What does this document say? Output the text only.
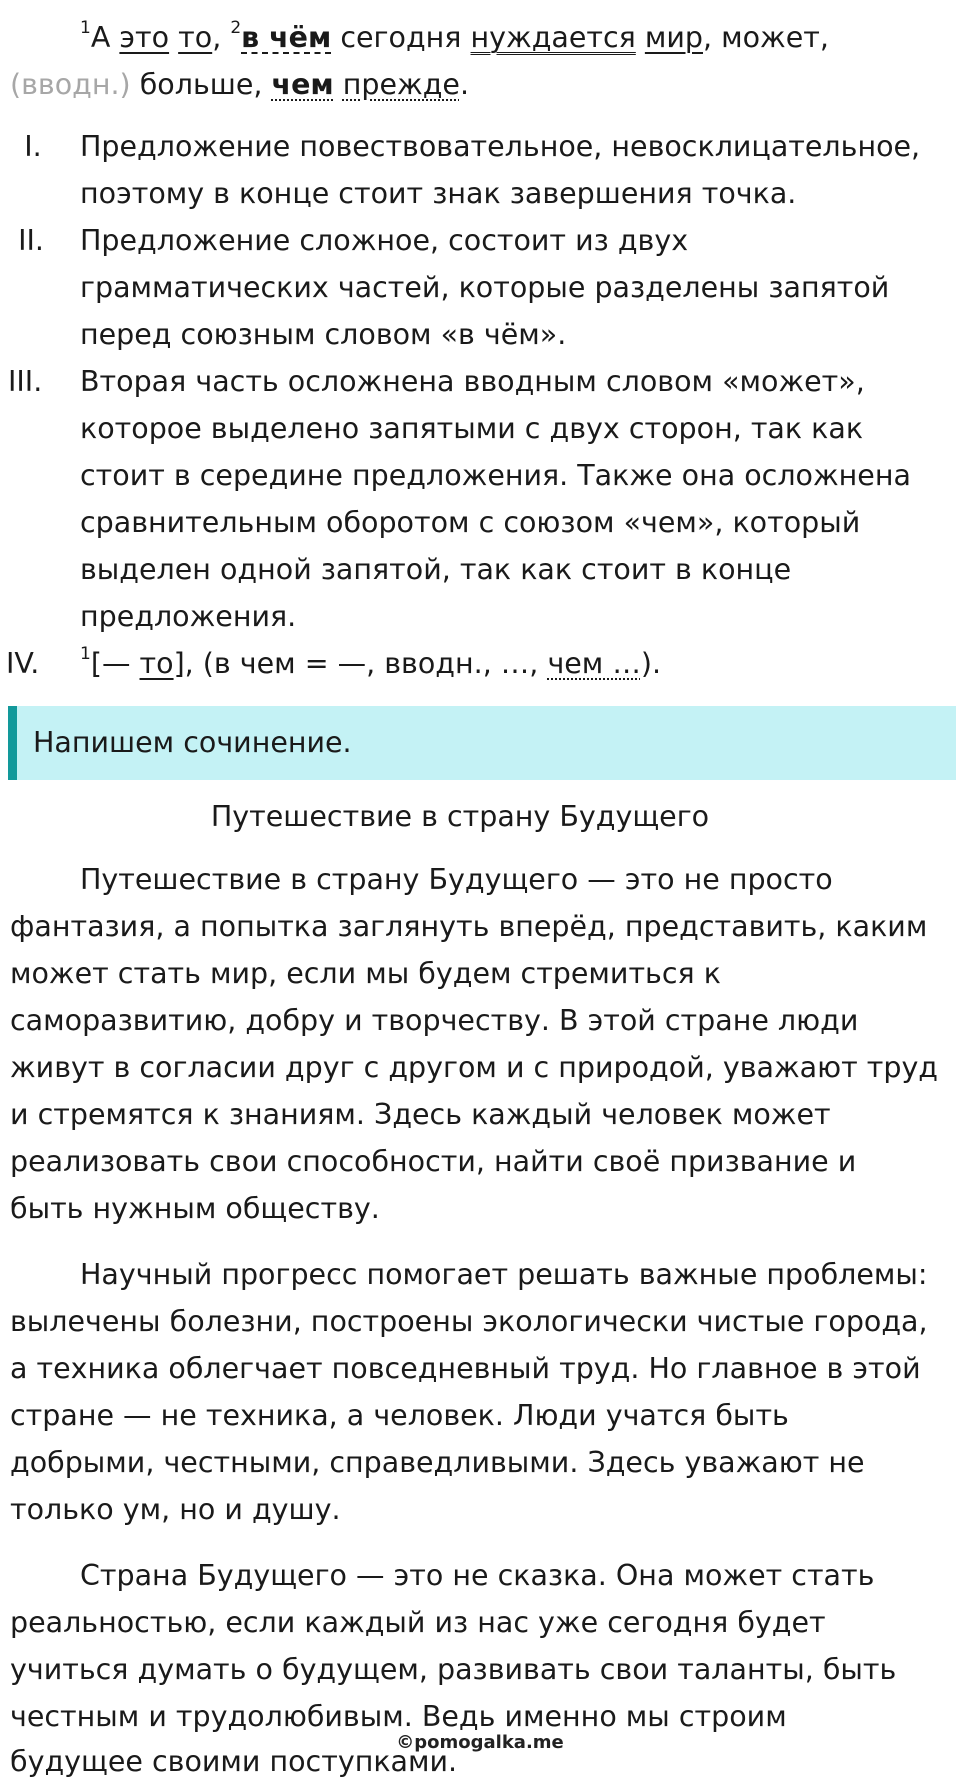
$^1$А это то, $^2$в чём сегодня нуждается мир, может,
(вводн.) больше, чем прежде.
I.	Предложение повествовательное, невосклицательное,
поэтому в конце стоит знак завершения точка.
II.	Предложение сложное, состоит из двух
грамматических частей, которые разделены запятой
перед союзным словом «в чём».
III.	Вторая часть осложнена вводным словом «может»,
которое выделено запятыми с двух сторон, так как
стоит в середине предложения. Также она осложнена
сравнительным оборотом с союзом «чем», который
выделен одной запятой, так как стоит в конце
предложения.
IV.	$^1$[— то], (в чем = —, вводн., …, чем …).
Напишем сочинение.
Путешествие в страну Будущего
Путешествие в страну Будущего — это не просто
фантазия, а попытка заглянуть вперёд, представить, каким
может стать мир, если мы будем стремиться к
саморазвитию, добру и творчеству. В этой стране люди
живут в согласии друг с другом и с природой, уважают труд
и стремятся к знаниям. Здесь каждый человек может
реализовать свои способности, найти своё призвание и
быть нужным обществу.
Научный прогресс помогает решать важные проблемы:
вылечены болезни, построены экологически чистые города,
а техника облегчает повседневный труд. Но главное в этой
стране — не техника, а человек. Люди учатся быть
добрыми, честными, справедливыми. Здесь уважают не
только ум, но и душу.
Страна Будущего — это не сказка. Она может стать
реальностью, если каждый из нас уже сегодня будет
учиться думать о будущем, развивать свои таланты, быть
честным и трудолюбивым. Ведь именно мы строим
будущее своими поступками.
©pomogalka.me
